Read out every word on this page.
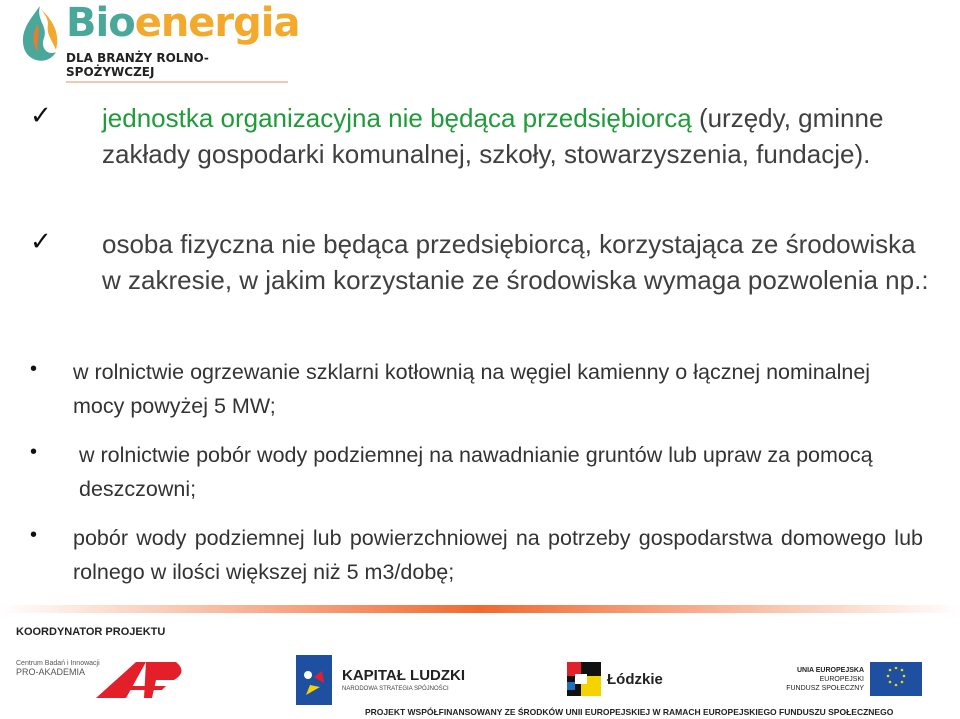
Bioenergia
DLA BRANŻY ROLNO-SPOŻYWCZEJ
✓ jednostka organizacyjna nie będąca przedsiębiorcą (urzędy, gminne zakłady gospodarki komunalnej, szkoły, stowarzyszenia, fundacje).
✓ osoba fizyczna nie będąca przedsiębiorcą, korzystająca ze środowiska w zakresie, w jakim korzystanie ze środowiska wymaga pozwolenia np.:
• w rolnictwie ogrzewanie szklarni kotłownią na węgiel kamienny o łącznej nominalnej mocy powyżej 5 MW;
• w rolnictwie pobór wody podziemnej na nawadnianie gruntów lub upraw za pomocą deszczowni;
• pobór wody podziemnej lub powierzchniowej na potrzeby gospodarstwa domowego lub rolnego w ilości większej niż 5 m3/dobę;
KOORDYNATOR PROJEKTU
Centrum Badań i Innowacji
PRO-AKADEMIA	KAPITAŁ LUDZKI
NARODOWA STRATEGIA SPÓJNOŚCI
Łódzkie
UNIA EUROPEJSKA
EUROPEJSKI
FUNDUSZ SPOŁECZNY
PROJEKT WSPÓŁFINANSOWANY ZE ŚRODKÓW UNII EUROPEJSKIEJ W RAMACH EUROPEJSKIEGO FUNDUSZU SPOŁECZNEGO
